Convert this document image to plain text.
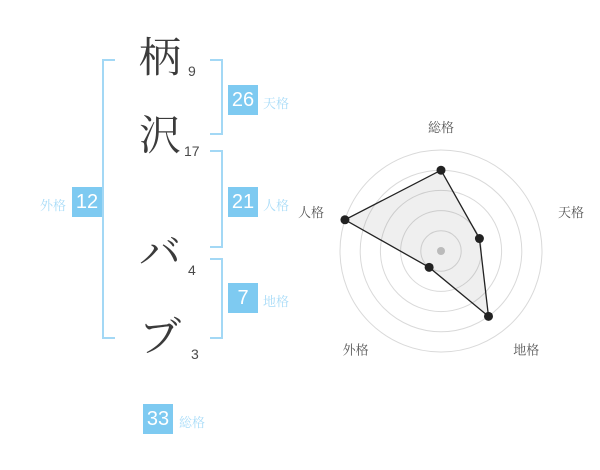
柄
沢
バ
ブ
9
17
4
3
26 天格
21 人格
7	地格
12
外格
33 総格
総格
天格
地格
外格
人格
